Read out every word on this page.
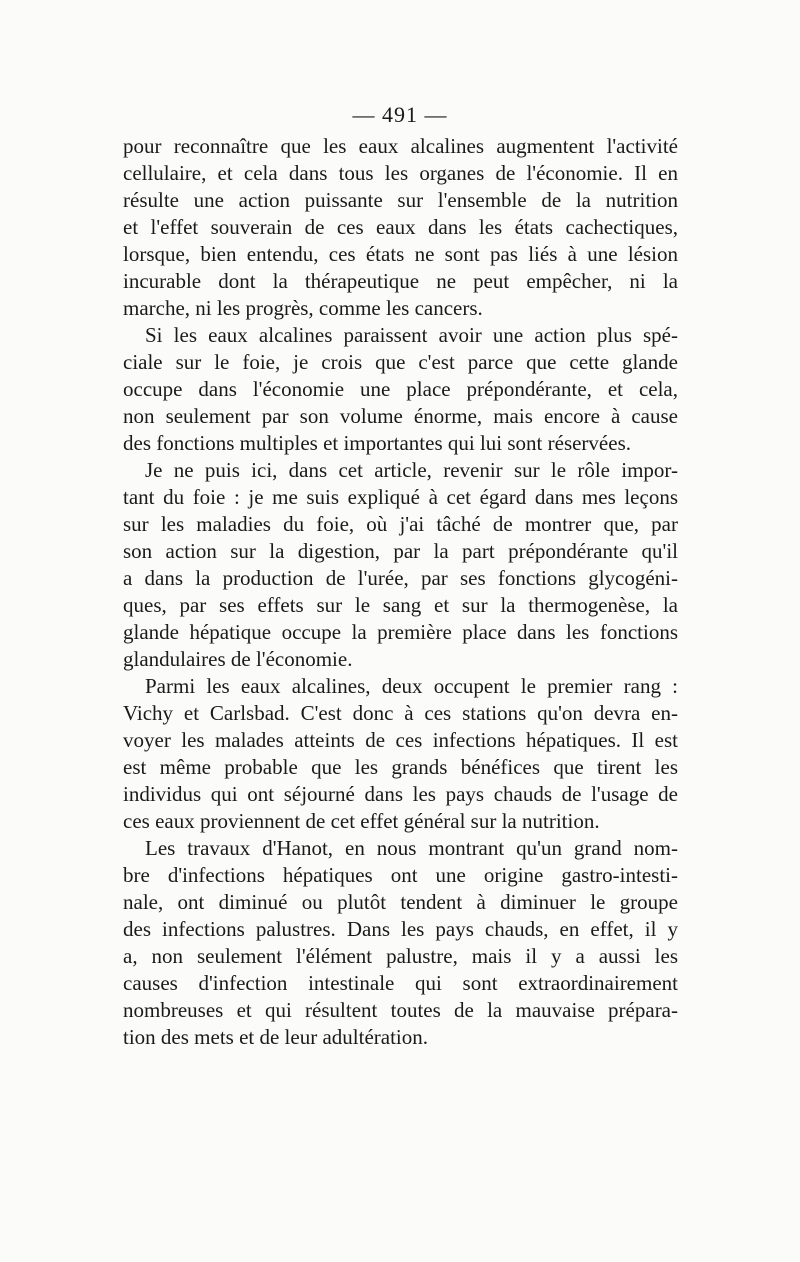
— 491 —
pour reconnaître que les eaux alcalines augmentent l'activité
cellulaire, et cela dans tous les organes de l'économie. Il en
résulte une action puissante sur l'ensemble de la nutrition
et l'effet souverain de ces eaux dans les états cachectiques,
lorsque, bien entendu, ces états ne sont pas liés à une lésion
incurable dont la thérapeutique ne peut empêcher, ni la
marche, ni les progrès, comme les cancers.
Si les eaux alcalines paraissent avoir une action plus spé-
ciale sur le foie, je crois que c'est parce que cette glande
occupe dans l'économie une place prépondérante, et cela,
non seulement par son volume énorme, mais encore à cause
des fonctions multiples et importantes qui lui sont réservées.
Je ne puis ici, dans cet article, revenir sur le rôle impor-
tant du foie : je me suis expliqué à cet égard dans mes leçons
sur les maladies du foie, où j'ai tâché de montrer que, par
son action sur la digestion, par la part prépondérante qu'il
a dans la production de l'urée, par ses fonctions glycogéni-
ques, par ses effets sur le sang et sur la thermogenèse, la
glande hépatique occupe la première place dans les fonctions
glandulaires de l'économie.
Parmi les eaux alcalines, deux occupent le premier rang :
Vichy et Carlsbad. C'est donc à ces stations qu'on devra en-
voyer les malades atteints de ces infections hépatiques. Il est
est même probable que les grands bénéfices que tirent les
individus qui ont séjourné dans les pays chauds de l'usage de
ces eaux proviennent de cet effet général sur la nutrition.
Les travaux d'Hanot, en nous montrant qu'un grand nom-
bre d'infections hépatiques ont une origine gastro-intesti-
nale, ont diminué ou plutôt tendent à diminuer le groupe
des infections palustres. Dans les pays chauds, en effet, il y
a, non seulement l'élément palustre, mais il y a aussi les
causes d'infection intestinale qui sont extraordinairement
nombreuses et qui résultent toutes de la mauvaise prépara-
tion des mets et de leur adultération.
